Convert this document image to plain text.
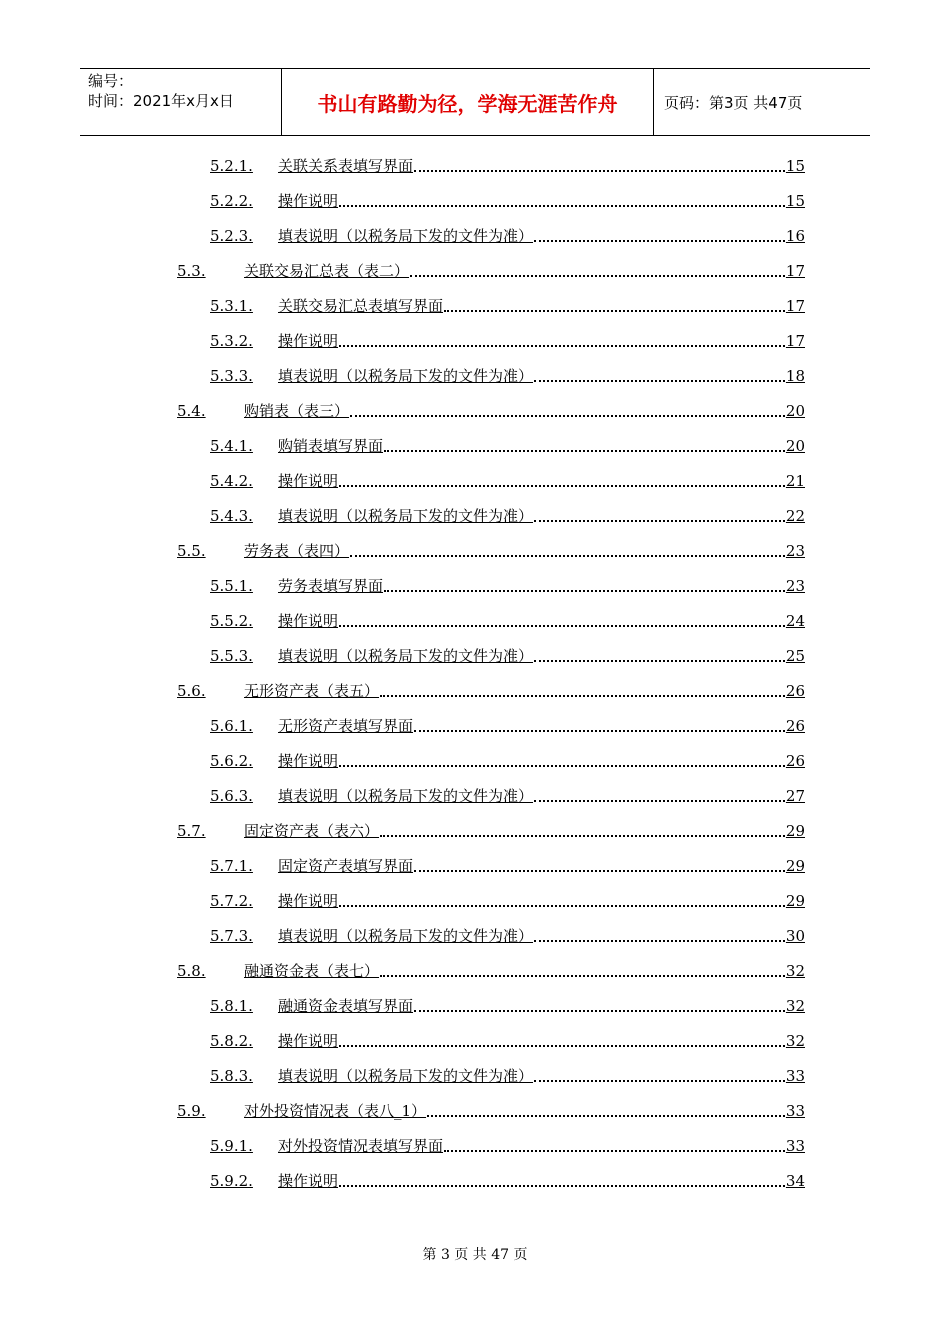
编号：
时间：2021年x月x日	书山有路勤为径，学海无涯苦作舟	页码：第3页 共47页
5.2.1.	关联关系表填写界面	15
5.2.2.	操作说明	15
5.2.3.	填表说明（以税务局下发的文件为准）	16
5.3.	关联交易汇总表（表二）	17
5.3.1.	关联交易汇总表填写界面	17
5.3.2.	操作说明	17
5.3.3.	填表说明（以税务局下发的文件为准）	18
5.4.	购销表（表三）	20
5.4.1.	购销表填写界面	20
5.4.2.	操作说明	21
5.4.3.	填表说明（以税务局下发的文件为准）	22
5.5.	劳务表（表四）	23
5.5.1.	劳务表填写界面	23
5.5.2.	操作说明	24
5.5.3.	填表说明（以税务局下发的文件为准）	25
5.6.	无形资产表（表五）	26
5.6.1.	无形资产表填写界面	26
5.6.2.	操作说明	26
5.6.3.	填表说明（以税务局下发的文件为准）	27
5.7.	固定资产表（表六）	29
5.7.1.	固定资产表填写界面	29
5.7.2.	操作说明	29
5.7.3.	填表说明（以税务局下发的文件为准）	30
5.8.	融通资金表（表七）	32
5.8.1.	融通资金表填写界面	32
5.8.2.	操作说明	32
5.8.3.	填表说明（以税务局下发的文件为准）	33
5.9.	对外投资情况表（表八_1）	33
5.9.1.	对外投资情况表填写界面	33
5.9.2.	操作说明	34
第 3 页 共 47 页
